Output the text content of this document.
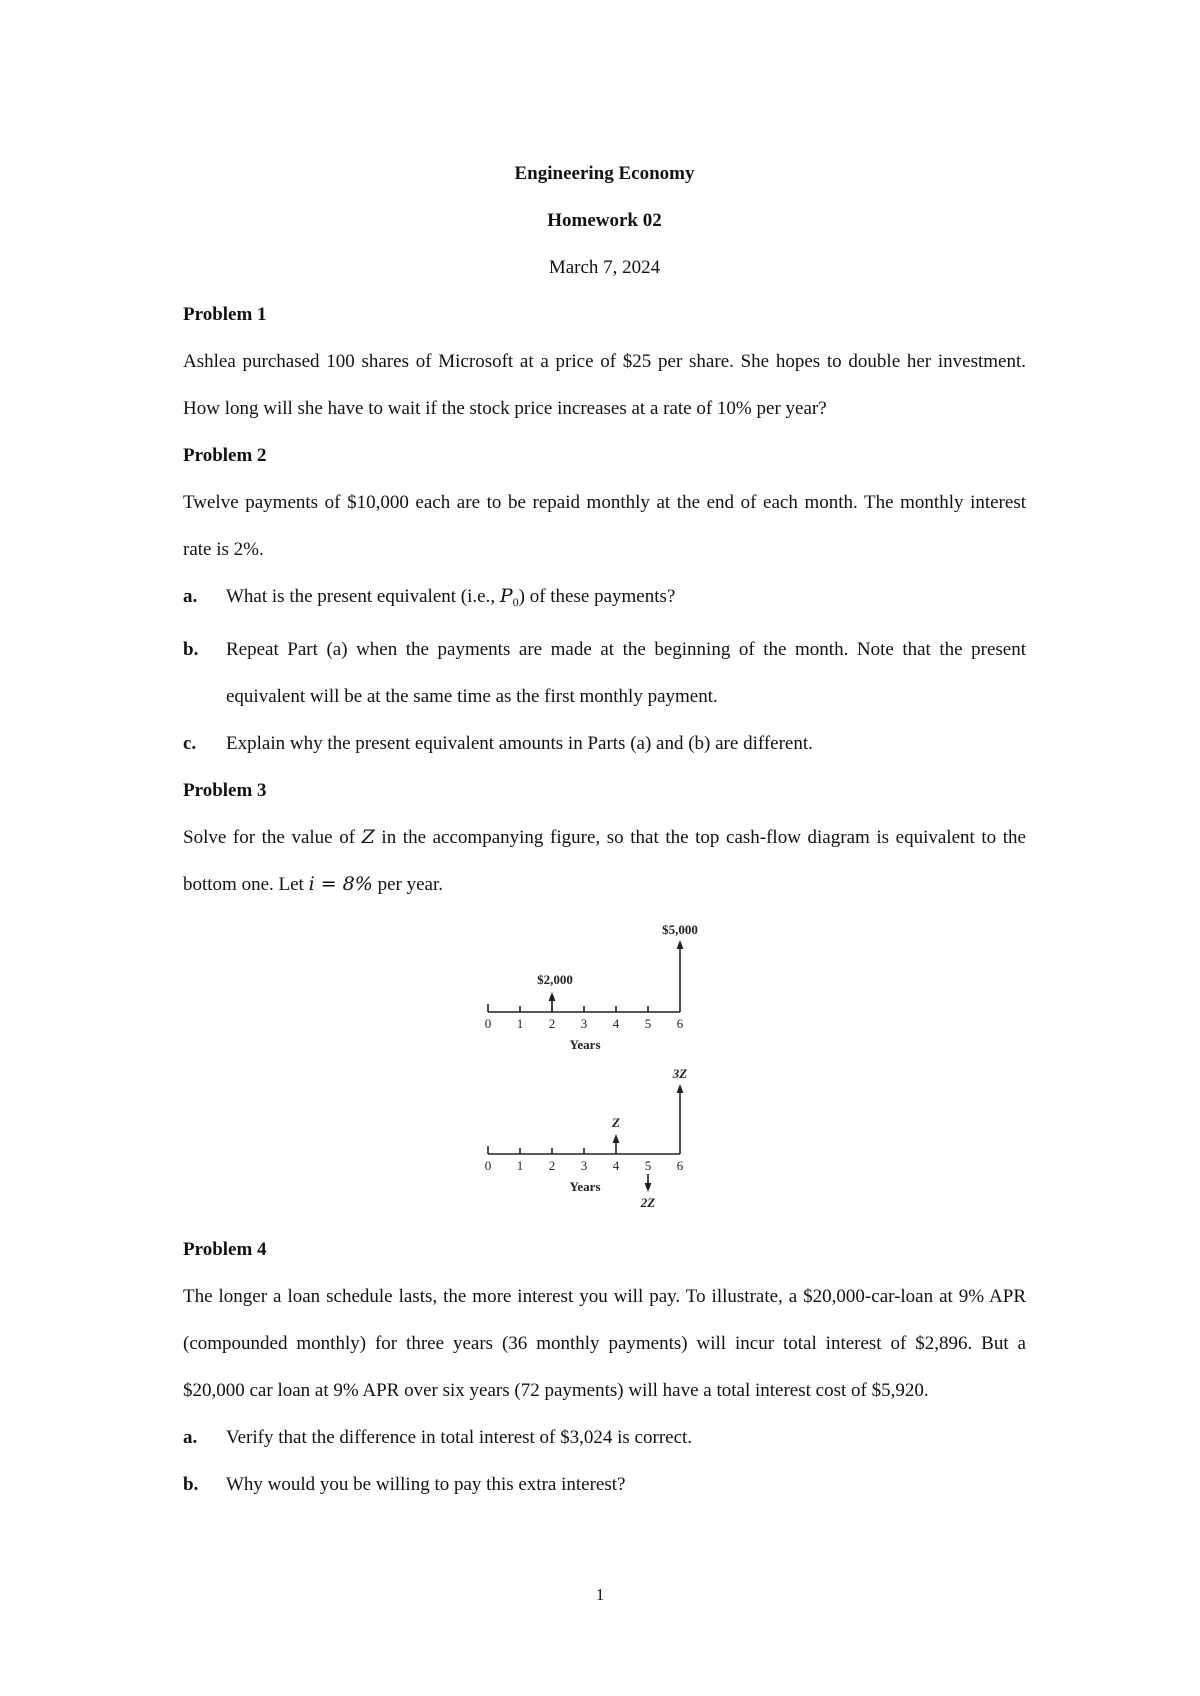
Engineering Economy
Homework 02
March 7, 2024
Problem 1
Ashlea purchased 100 shares of Microsoft at a price of $25 per share. She hopes to double her investment. How long will she have to wait if the stock price increases at a rate of 10% per year?
Problem 2
Twelve payments of $10,000 each are to be repaid monthly at the end of each month. The monthly interest rate is 2%.
a.	What is the present equivalent (i.e., $P_0$) of these payments?
b.	Repeat Part (a) when the payments are made at the beginning of the month. Note that the present equivalent will be at the same time as the first monthly payment.
c.	Explain why the present equivalent amounts in Parts (a) and (b) are different.
Problem 3
Solve for the value of Z in the accompanying figure, so that the top cash-flow diagram is equivalent to the bottom one. Let i = 8% per year.
0 1 2 3 4 5 6
Years
$2,000
$5,000
0 1 2 3 4 5 6
Years
Z
3Z
2Z
Problem 4
The longer a loan schedule lasts, the more interest you will pay. To illustrate, a $20,000-car-loan at 9% APR (compounded monthly) for three years (36 monthly payments) will incur total interest of $2,896. But a $20,000 car loan at 9% APR over six years (72 payments) will have a total interest cost of $5,920.
a.	Verify that the difference in total interest of $3,024 is correct.
b.	Why would you be willing to pay this extra interest?
1
